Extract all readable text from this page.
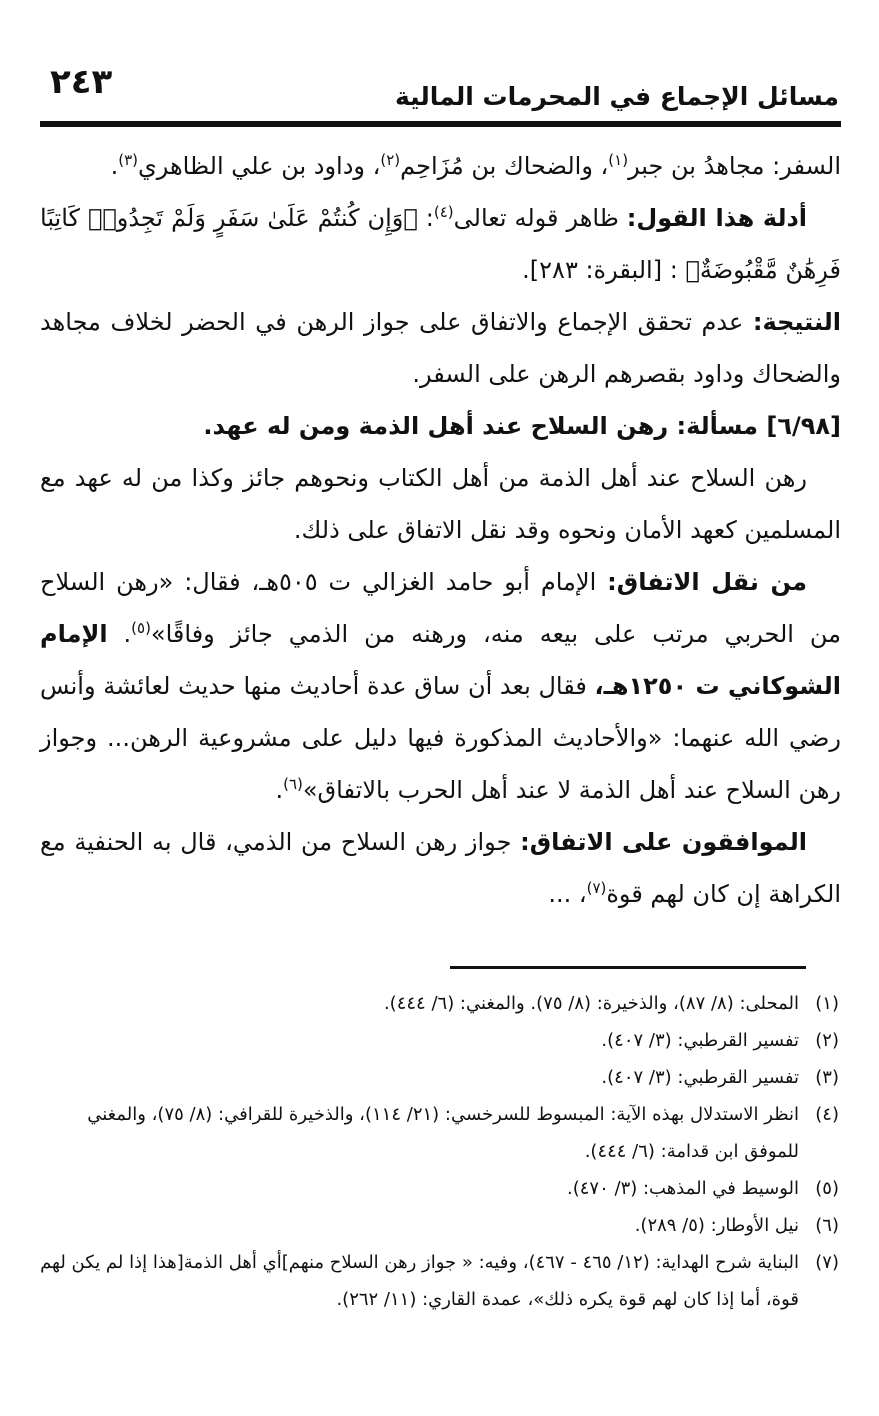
٢٤٣	مسائل الإجماع في المحرمات المالية

السفر: مجاهدُ بن جبر$^{(١)}$، والضحاك بن مُزَاحِم$^{(٢)}$، وداود بن علي الظاهري$^{(٣)}$.

أدلة هذا القول: ظاهر قوله تعالى$^{(٤)}$: ﴿وَإِن كُنتُمْ عَلَىٰ سَفَرٍ وَلَمْ تَجِدُوا۟ كَاتِبًا فَرِهَٰنٌ مَّقْبُوضَةٌ﴾ : [البقرة: ٢٨٣].

النتيجة: عدم تحقق الإجماع والاتفاق على جواز الرهن في الحضر لخلاف مجاهد والضحاك وداود بقصرهم الرهن على السفر.

[٦/٩٨] مسألة: رهن السلاح عند أهل الذمة ومن له عهد.

رهن السلاح عند أهل الذمة من أهل الكتاب ونحوهم جائز وكذا من له عهد مع المسلمين كعهد الأمان ونحوه وقد نقل الاتفاق على ذلك.

من نقل الاتفاق: الإمام أبو حامد الغزالي ت ٥٠٥هـ، فقال: «رهن السلاح من الحربي مرتب على بيعه منه، ورهنه من الذمي جائز وفاقًا»$^{(٥)}$. الإمام الشوكاني ت ١٢٥٠هـ، فقال بعد أن ساق عدة أحاديث منها حديث لعائشة وأنس رضي الله عنهما: «والأحاديث المذكورة فيها دليل على مشروعية الرهن... وجواز رهن السلاح عند أهل الذمة لا عند أهل الحرب بالاتفاق»$^{(٦)}$.

الموافقون على الاتفاق: جواز رهن السلاح من الذمي، قال به الحنفية مع الكراهة إن كان لهم قوة$^{(٧)}$، ...

(١)المحلى: (٨/ ٨٧)، والذخيرة: (٨/ ٧٥). والمغني: (٦/ ٤٤٤).

(٢)تفسير القرطبي: (٣/ ٤٠٧).

(٣)تفسير القرطبي: (٣/ ٤٠٧).

(٤)انظر الاستدلال بهذه الآية: المبسوط للسرخسي: (٢١/ ١١٤)، والذخيرة للقرافي: (٨/ ٧٥)، والمغني للموفق ابن قدامة: (٦/ ٤٤٤).

(٥)الوسيط في المذهب: (٣/ ٤٧٠).

(٦)نيل الأوطار: (٥/ ٢٨٩).

(٧)البناية شرح الهداية: (١٢/ ٤٦٥ - ٤٦٧)، وفيه: « جواز رهن السلاح منهم]أي أهل الذمة[هذا إذا لم يكن لهم قوة، أما إذا كان لهم قوة يكره ذلك»، عمدة القاري: (١١/ ٢٦٢).
